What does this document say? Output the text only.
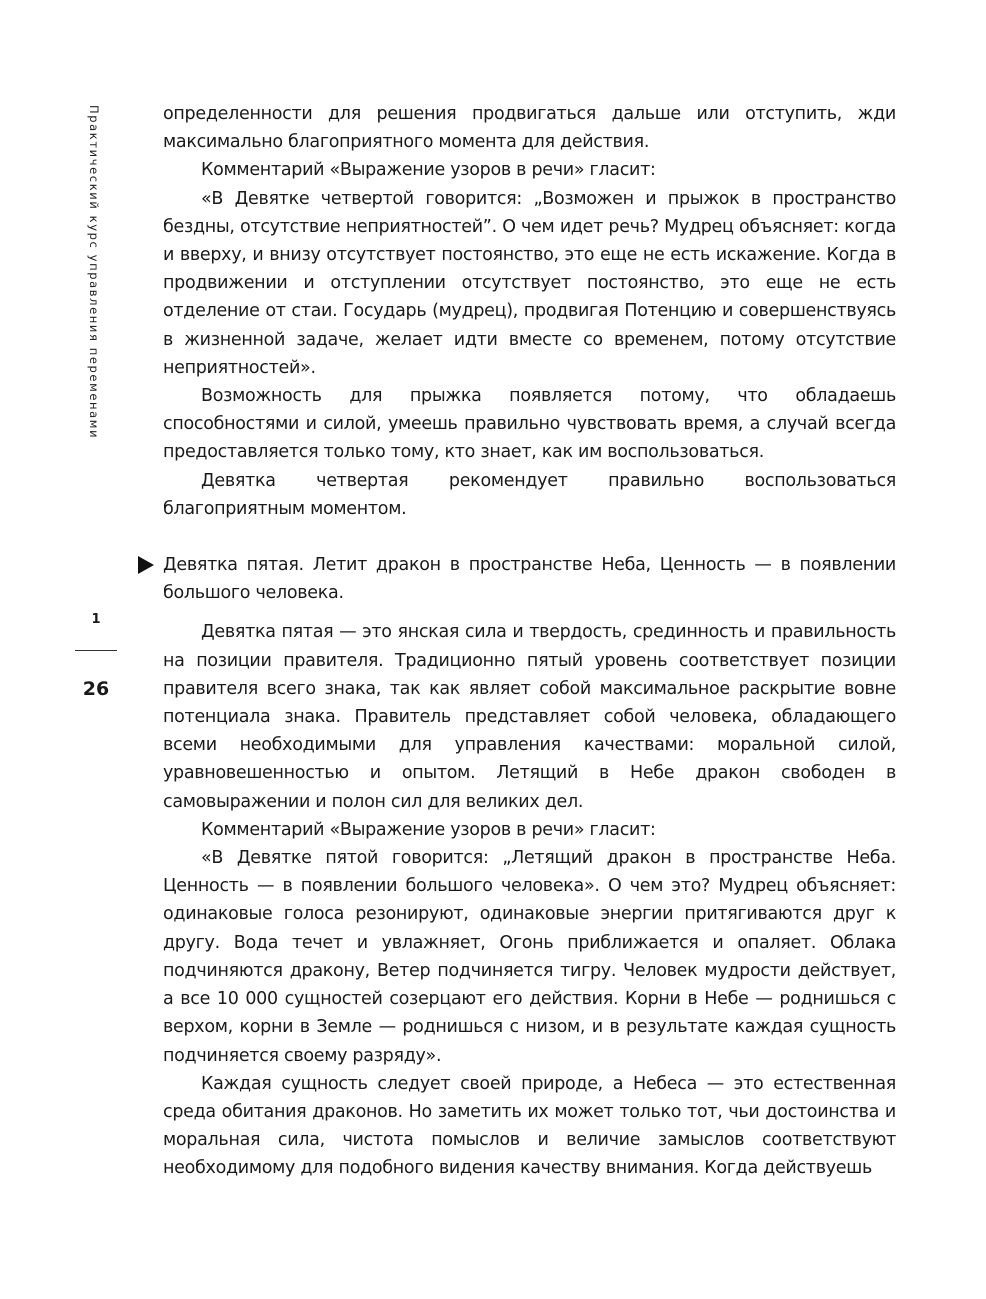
Практический курс управления переменами
1
26

определенности для решения продвигаться дальше или отступить, жди максимально благоприятного момента для действия.

Комментарий «Выражение узоров в речи» гласит:

«В Девятке четвертой говорится: „Возможен и прыжок в пространство бездны, отсутствие неприятностей”. О чем идет речь? Мудрец объясняет: когда и вверху, и внизу отсутствует постоянство, это еще не есть искажение. Когда в продвижении и отступлении отсутствует постоянство, это еще не есть отделение от стаи. Государь (мудрец), продвигая Потенцию и совершенствуясь в жизненной задаче, желает идти вместе со временем, потому отсутствие неприятностей».

Возможность для прыжка появляется потому, что обладаешь способностями и силой, умеешь правильно чувствовать время, а случай всегда предоставляется только тому, кто знает, как им воспользоваться.

Девятка четвертая рекомендует правильно воспользоваться благоприятным моментом.

Девятка пятая. Летит дракон в пространстве Неба, Ценность — в появлении большого человека.

Девятка пятая — это янская сила и твердость, срединность и правильность на позиции правителя. Традиционно пятый уровень соответствует позиции правителя всего знака, так как являет собой максимальное раскрытие вовне потенциала знака. Правитель представляет собой человека, обладающего всеми необходимыми для управления качествами: моральной силой, уравновешенностью и опытом. Летящий в Небе дракон свободен в самовыражении и полон сил для великих дел.

Комментарий «Выражение узоров в речи» гласит:

«В Девятке пятой говорится: „Летящий дракон в пространстве Неба. Ценность — в появлении большого человека». О чем это? Мудрец объясняет: одинаковые голоса резонируют, одинаковые энергии притягиваются друг к другу. Вода течет и увлажняет, Огонь приближается и опаляет. Облака подчиняются дракону, Ветер подчиняется тигру. Человек мудрости действует, а все 10 000 сущностей созерцают его действия. Корни в Небе — роднишься с верхом, корни в Земле — роднишься с низом, и в результате каждая сущность подчиняется своему разряду».

Каждая сущность следует своей природе, а Небеса — это естественная среда обитания драконов. Но заметить их может только тот, чьи достоинства и моральная сила, чистота помыслов и величие замыслов соответствуют необходимому для подобного видения качеству внимания. Когда действуешь
